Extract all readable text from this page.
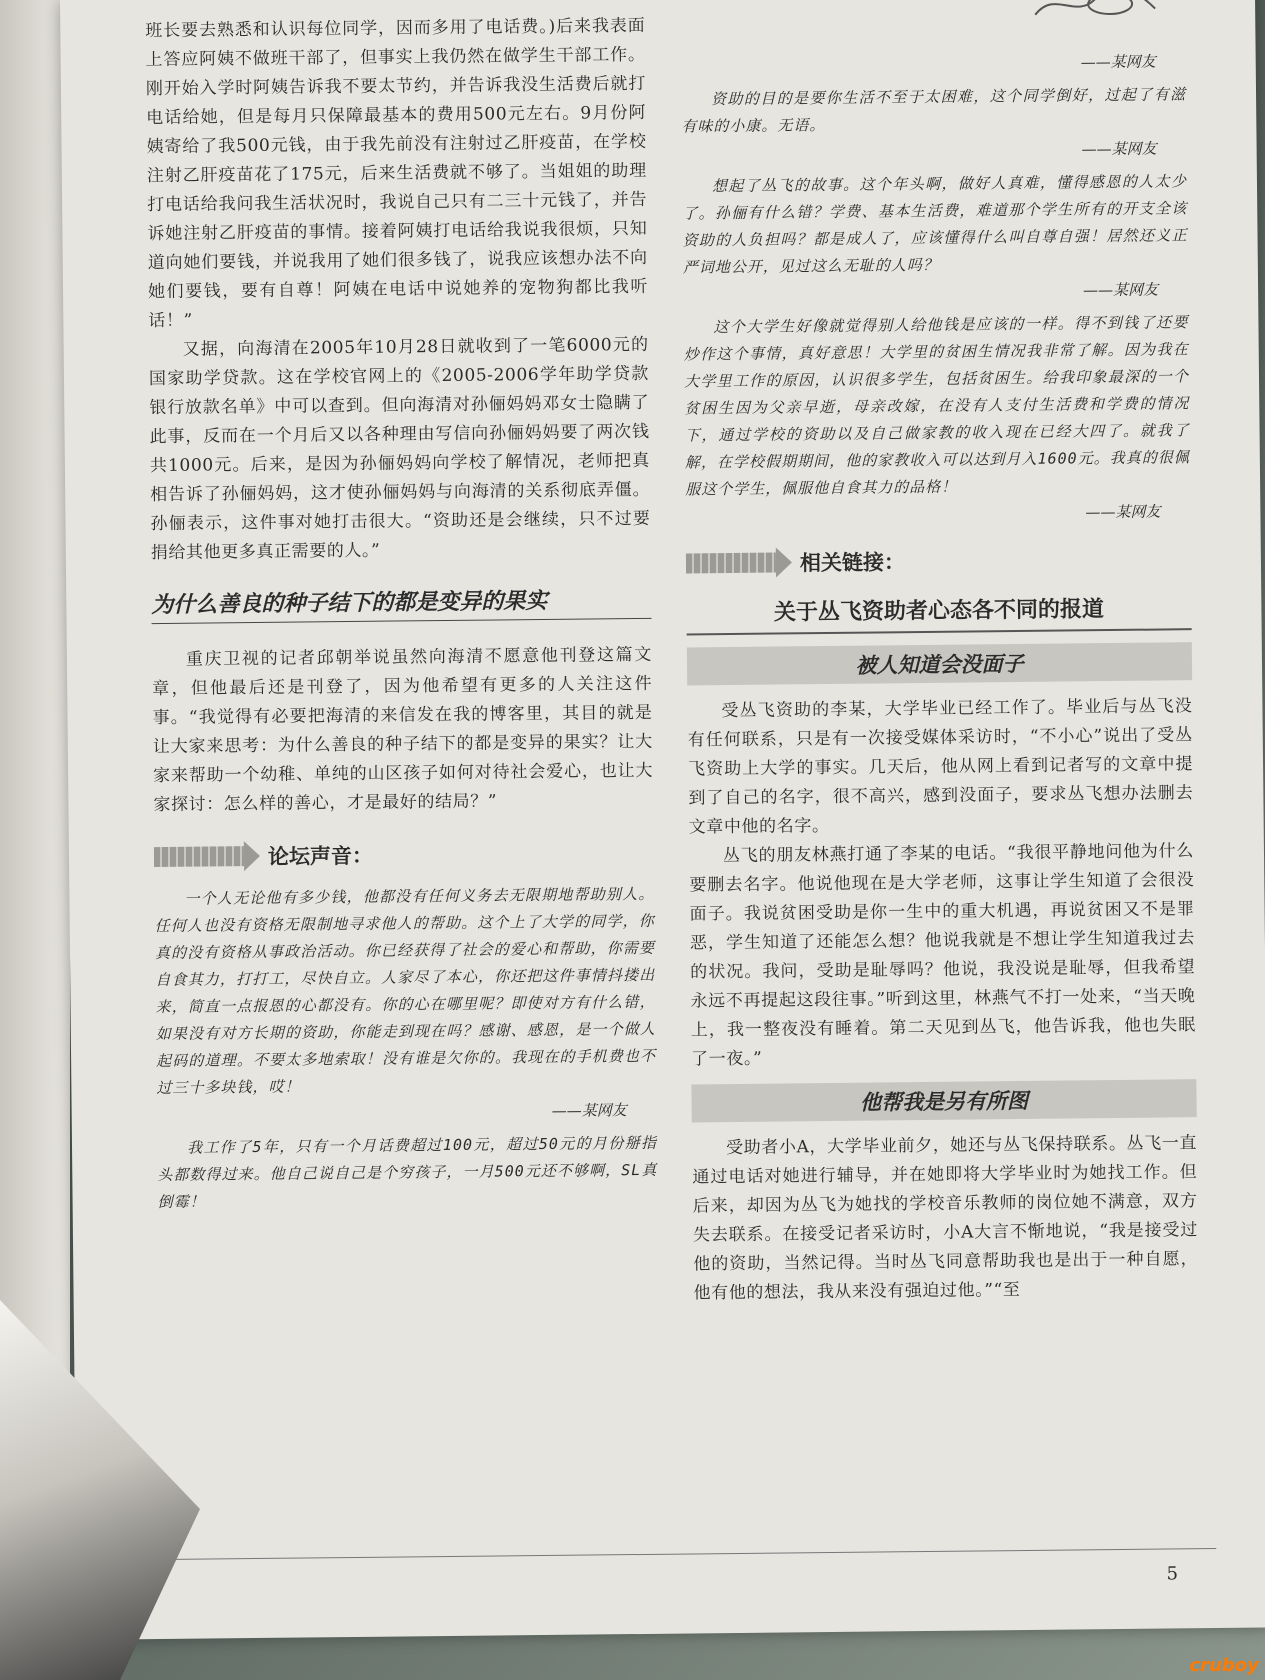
班长要去熟悉和认识每位同学，因而多用了电话费。)后来我表面上答应阿姨不做班干部了，但事实上我仍然在做学生干部工作。刚开始入学时阿姨告诉我不要太节约，并告诉我没生活费后就打电话给她，但是每月只保障最基本的费用500元左右。9月份阿姨寄给了我500元钱，由于我先前没有注射过乙肝疫苗，在学校注射乙肝疫苗花了175元，后来生活费就不够了。当姐姐的助理打电话给我问我生活状况时，我说自己只有二三十元钱了，并告诉她注射乙肝疫苗的事情。接着阿姨打电话给我说我很烦，只知道向她们要钱，并说我用了她们很多钱了，说我应该想办法不向她们要钱，要有自尊！阿姨在电话中说她养的宠物狗都比我听话！”

又据，向海清在2005年10月28日就收到了一笔6000元的国家助学贷款。这在学校官网上的《2005-2006学年助学贷款银行放款名单》中可以查到。但向海清对孙俪妈妈邓女士隐瞒了此事，反而在一个月后又以各种理由写信向孙俪妈妈要了两次钱共1000元。后来，是因为孙俪妈妈向学校了解情况，老师把真相告诉了孙俪妈妈，这才使孙俪妈妈与向海清的关系彻底弄僵。孙俪表示，这件事对她打击很大。“资助还是会继续，只不过要捐给其他更多真正需要的人。”

为什么善良的种子结下的都是变异的果实

重庆卫视的记者邱朝举说虽然向海清不愿意他刊登这篇文章，但他最后还是刊登了，因为他希望有更多的人关注这件事。“我觉得有必要把海清的来信发在我的博客里，其目的就是让大家来思考：为什么善良的种子结下的都是变异的果实？让大家来帮助一个幼稚、单纯的山区孩子如何对待社会爱心，也让大家探讨：怎么样的善心，才是最好的结局？”

论坛声音：

一个人无论他有多少钱，他都没有任何义务去无限期地帮助别人。任何人也没有资格无限制地寻求他人的帮助。这个上了大学的同学，你真的没有资格从事政治活动。你已经获得了社会的爱心和帮助，你需要自食其力，打打工，尽快自立。人家尽了本心，你还把这件事情抖搂出来，简直一点报恩的心都没有。你的心在哪里呢？即使对方有什么错，如果没有对方长期的资助，你能走到现在吗？感谢、感恩，是一个做人起码的道理。不要太多地索取！没有谁是欠你的。我现在的手机费也不过三十多块钱，哎！

——某网友

我工作了5年，只有一个月话费超过100元，超过50元的月份掰指头都数得过来。他自己说自己是个穷孩子，一月500元还不够啊，SL真倒霉！

——某网友

资助的目的是要你生活不至于太困难，这个同学倒好，过起了有滋有味的小康。无语。

——某网友

想起了丛飞的故事。这个年头啊，做好人真难，懂得感恩的人太少了。孙俪有什么错？学费、基本生活费，难道那个学生所有的开支全该资助的人负担吗？都是成人了，应该懂得什么叫自尊自强！居然还义正严词地公开，见过这么无耻的人吗？

——某网友

这个大学生好像就觉得别人给他钱是应该的一样。得不到钱了还要炒作这个事情，真好意思！大学里的贫困生情况我非常了解。因为我在大学里工作的原因，认识很多学生，包括贫困生。给我印象最深的一个贫困生因为父亲早逝，母亲改嫁，在没有人支付生活费和学费的情况下，通过学校的资助以及自己做家教的收入现在已经大四了。就我了解，在学校假期期间，他的家教收入可以达到月入1600元。我真的很佩服这个学生，佩服他自食其力的品格！

——某网友
相关链接：
关于丛飞资助者心态各不同的报道
被人知道会没面子

受丛飞资助的李某，大学毕业已经工作了。毕业后与丛飞没有任何联系，只是有一次接受媒体采访时，“不小心”说出了受丛飞资助上大学的事实。几天后，他从网上看到记者写的文章中提到了自己的名字，很不高兴，感到没面子，要求丛飞想办法删去文章中他的名字。

丛飞的朋友林燕打通了李某的电话。“我很平静地问他为什么要删去名字。他说他现在是大学老师，这事让学生知道了会很没面子。我说贫困受助是你一生中的重大机遇，再说贫困又不是罪恶，学生知道了还能怎么想？他说我就是不想让学生知道我过去的状况。我问，受助是耻辱吗？他说，我没说是耻辱，但我希望永远不再提起这段往事。”听到这里，林燕气不打一处来，“当天晚上，我一整夜没有睡着。第二天见到丛飞，他告诉我，他也失眠了一夜。”

他帮我是另有所图

受助者小A，大学毕业前夕，她还与丛飞保持联系。丛飞一直通过电话对她进行辅导，并在她即将大学毕业时为她找工作。但后来，却因为丛飞为她找的学校音乐教师的岗位她不满意，双方失去联系。在接受记者采访时，小A大言不惭地说，“我是接受过他的资助，当然记得。当时丛飞同意帮助我也是出于一种自愿，他有他的想法，我从来没有强迫过他。”“至

5
cruboy
